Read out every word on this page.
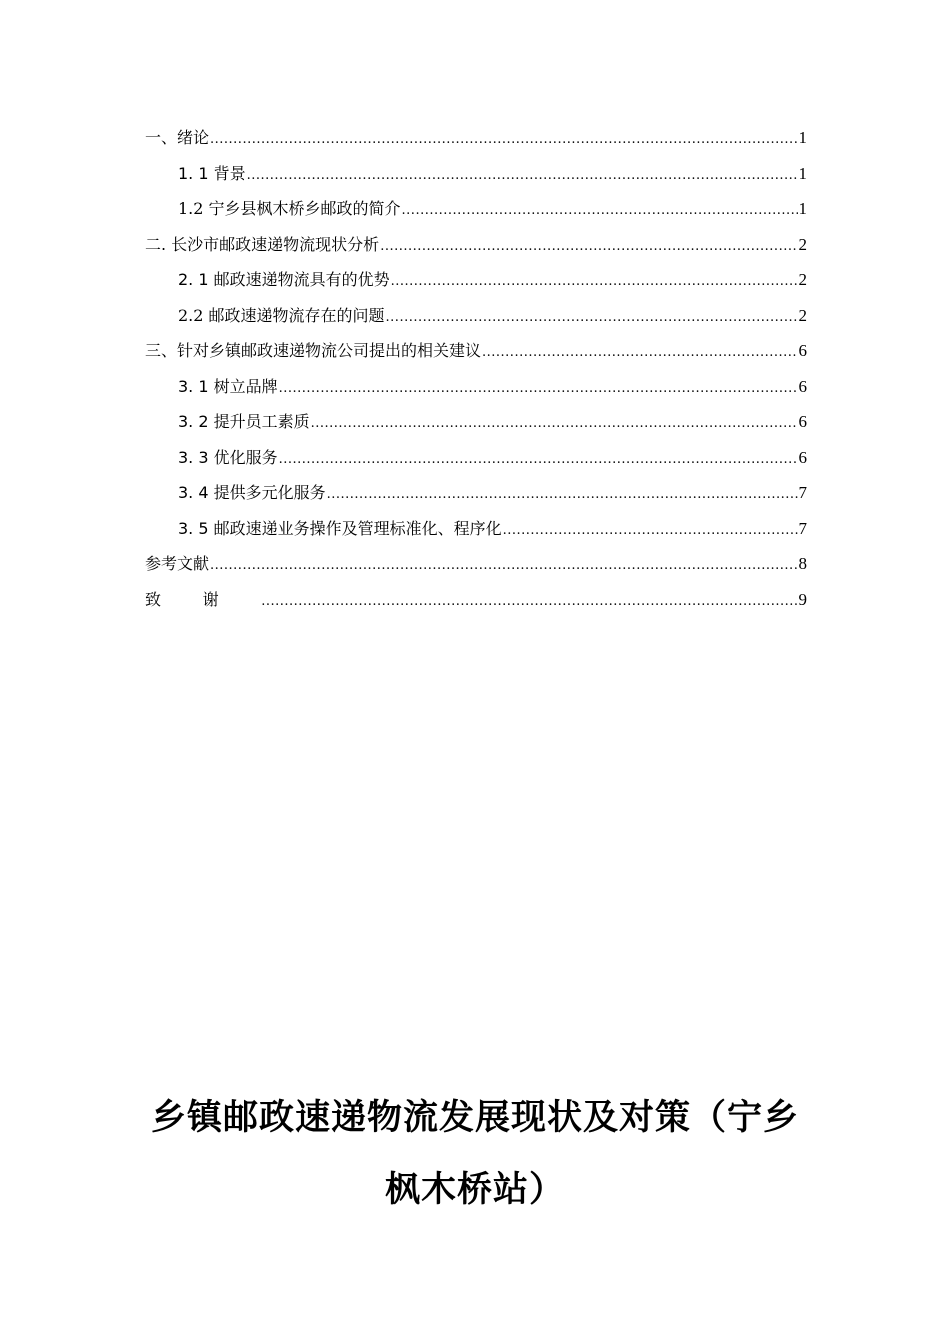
一、绪论 .....	1
1. 1 背景 .....	1
1.2 宁乡县枫木桥乡邮政的简介 .....	1
二. 长沙市邮政速递物流现状分析 .....	2
2. 1 邮政速递物流具有的优势 .....	2
2.2 邮政速递物流存在的问题 .....	2
三、针对乡镇邮政速递物流公司提出的相关建议 .....	6
3. 1 树立品牌 .....	6
3. 2 提升员工素质 .....	6
3. 3 优化服务 .....	6
3. 4 提供多元化服务 .....	7
3. 5 邮政速递业务操作及管理标准化、程序化 .....	7
参考文献 .....	8
致谢 .....	9
乡镇邮政速递物流发展现状及对策（宁乡
枫木桥站）
